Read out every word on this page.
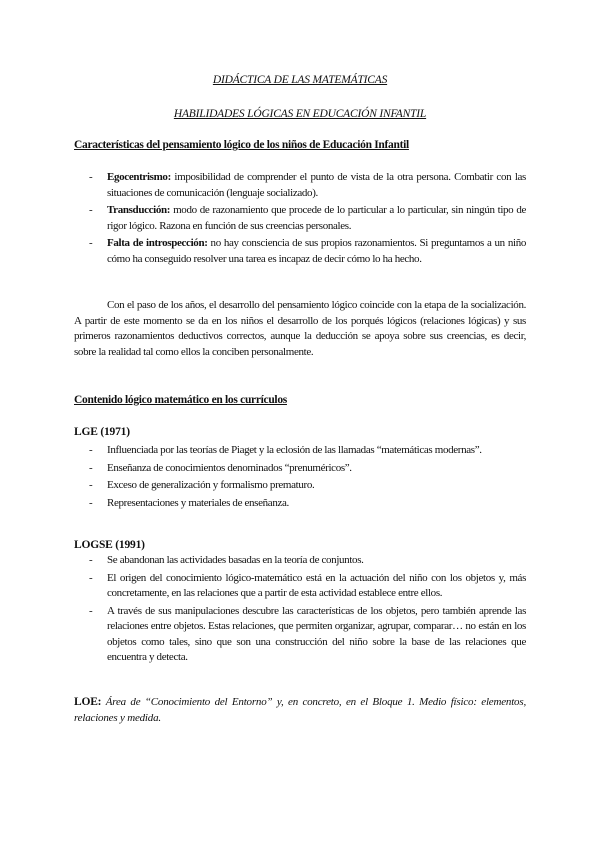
DIDÁCTICA DE LAS MATEMÁTICAS
HABILIDADES LÓGICAS EN EDUCACIÓN INFANTIL
Características del pensamiento lógico de los niños de Educación Infantil
- Egocentrismo: imposibilidad de comprender el punto de vista de la otra persona. Combatir con las situaciones de comunicación (lenguaje socializado).
- Transducción: modo de razonamiento que procede de lo particular a lo particular, sin ningún tipo de rigor lógico. Razona en función de sus creencias personales.
- Falta de introspección: no hay consciencia de sus propios razonamientos. Si preguntamos a un niño cómo ha conseguido resolver una tarea es incapaz de decir cómo lo ha hecho.

Con el paso de los años, el desarrollo del pensamiento lógico coincide con la etapa de la socialización. A partir de este momento se da en los niños el desarrollo de los porqués lógicos (relaciones lógicas) y sus primeros razonamientos deductivos correctos, aunque la deducción se apoya sobre sus creencias, es decir, sobre la realidad tal como ellos la conciben personalmente.

Contenido lógico matemático en los currículos
LGE (1971)
- Influenciada por las teorías de Piaget y la eclosión de las llamadas “matemáticas modernas”.
- Enseñanza de conocimientos denominados “prenuméricos”.
- Exceso de generalización y formalismo prematuro.
- Representaciones y materiales de enseñanza.
LOGSE (1991)
- Se abandonan las actividades basadas en la teoría de conjuntos.
- El origen del conocimiento lógico-matemático está en la actuación del niño con los objetos y, más concretamente, en las relaciones que a partir de esta actividad establece entre ellos.
- A través de sus manipulaciones descubre las características de los objetos, pero también aprende las relaciones entre objetos. Estas relaciones, que permiten organizar, agrupar, comparar… no están en los objetos como tales, sino que son una construcción del niño sobre la base de las relaciones que encuentra y detecta.

LOE: Área de “Conocimiento del Entorno” y, en concreto, en el Bloque 1. Medio físico: elementos, relaciones y medida.
